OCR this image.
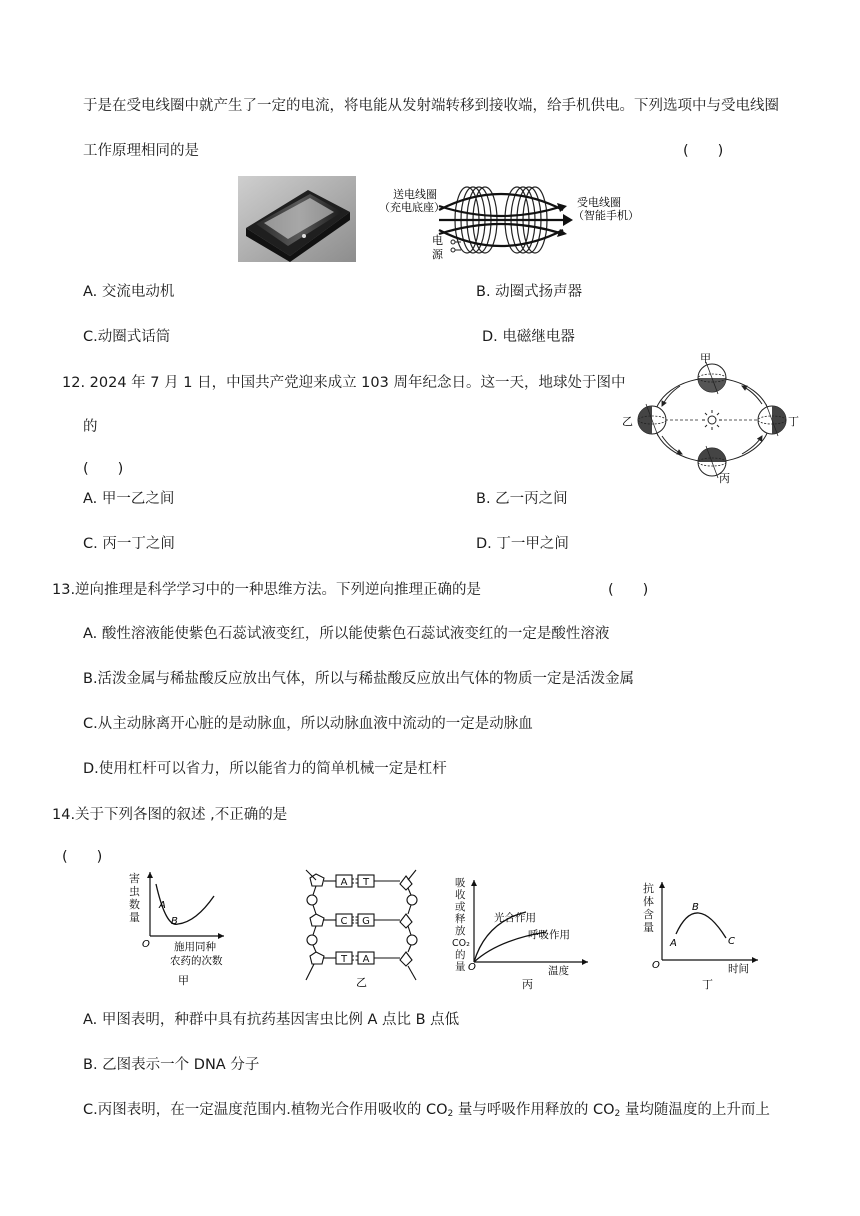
于是在受电线圈中就产生了一定的电流，将电能从发射端转移到接收端，给手机供电。下列选项中与受电线圈
工作原理相同的是	(　　)
送电线圈
（充电底座）	受电线圈
（智能手机）
电
源
A. 交流电动机	B. 动圈式扬声器
C.动圈式话筒	D. 电磁继电器
12. 2024 年 7 月 1 日，中国共产党迎来成立 103 周年纪念日。这一天，地球处于图中
的
(　　)
甲
乙
丙
丁
A. 甲一乙之间	B. 乙一丙之间
C. 丙一丁之间	D. 丁一甲之间
13.逆向推理是科学学习中的一种思维方法。下列逆向推理正确的是	(　　)
A. 酸性溶液能使紫色石蕊试液变红，所以能使紫色石蕊试液变红的一定是酸性溶液
B.活泼金属与稀盐酸反应放出气体，所以与稀盐酸反应放出气体的物质一定是活泼金属
C.从主动脉离开心脏的是动脉血，所以动脉血液中流动的一定是动脉血
D.使用杠杆可以省力，所以能省力的简单机械一定是杠杆
14.关于下列各图的叙述 ,不正确的是
(　　)
害
虫
数
量
A
B
O 施用同种
农药的次数
甲
A
C
T
T
G
A
乙
吸
收
或
释
放
CO₂
的
量
光合作用
呼吸作用
O	温度
丙
抗
体
含
量
A
B
C
O	时间
丁
A. 甲图表明，种群中具有抗药基因害虫比例 A 点比 B 点低
B. 乙图表示一个 DNA 分子
C.丙图表明，在一定温度范围内.植物光合作用吸收的 $CO_2$ 量与呼吸作用释放的 $CO_2$ 量均随温度的上升而上
